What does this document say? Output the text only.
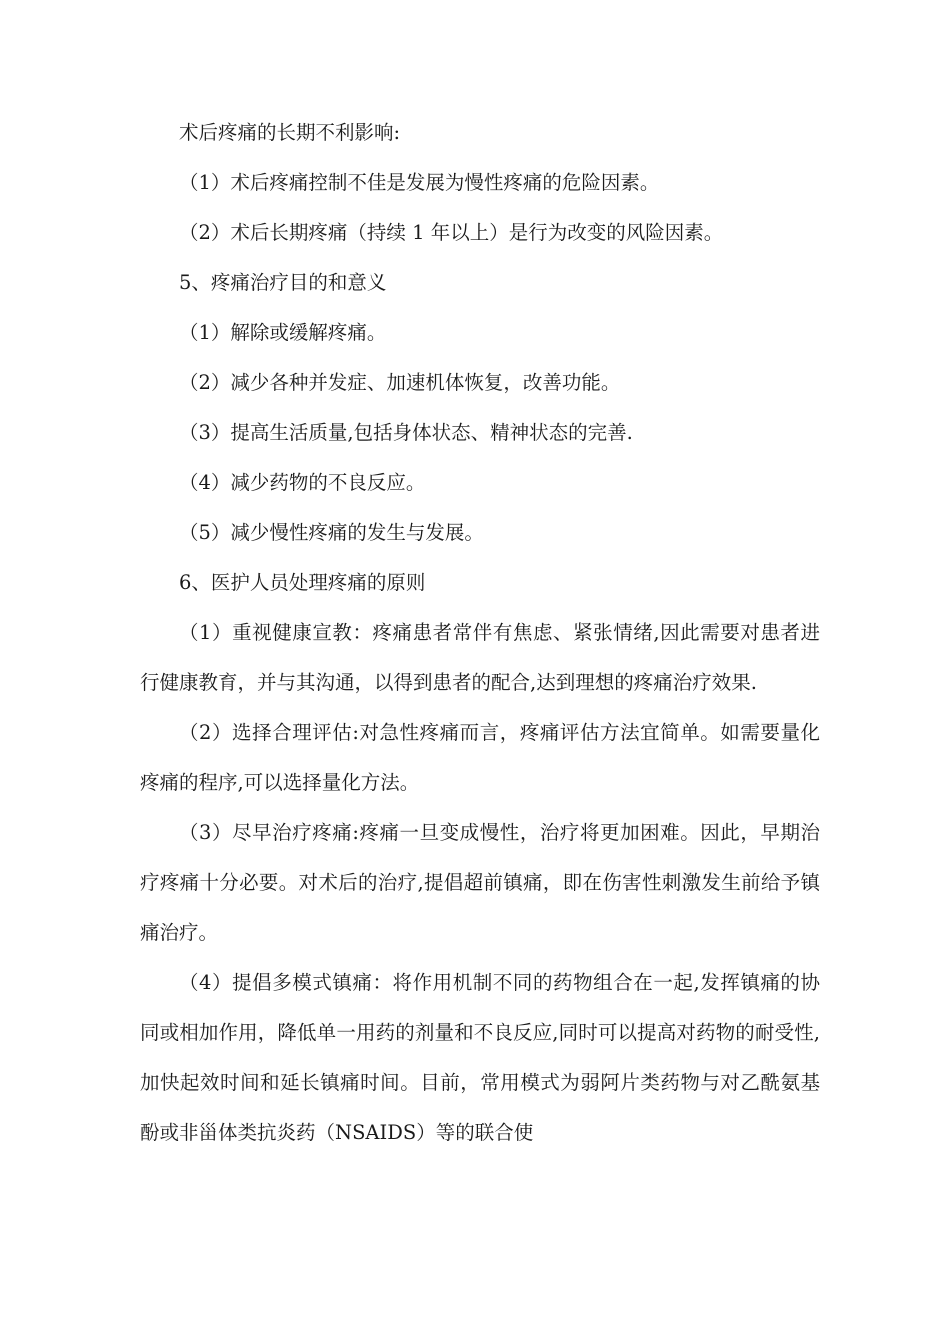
术后疼痛的长期不利影响:

（1）术后疼痛控制不佳是发展为慢性疼痛的危险因素。

（2）术后长期疼痛（持续 1 年以上）是行为改变的风险因素。

5、疼痛治疗目的和意义

（1）解除或缓解疼痛。

（2）减少各种并发症、加速机体恢复，改善功能。

（3）提高生活质量,包括身体状态、精神状态的完善.

（4）减少药物的不良反应。

（5）减少慢性疼痛的发生与发展。

6、医护人员处理疼痛的原则

（1）重视健康宣教：疼痛患者常伴有焦虑、紧张情绪,因此需要对患者进行健康教育，并与其沟通，以得到患者的配合,达到理想的疼痛治疗效果.

（2）选择合理评估:对急性疼痛而言，疼痛评估方法宜简单。如需要量化疼痛的程序,可以选择量化方法。

（3）尽早治疗疼痛:疼痛一旦变成慢性，治疗将更加困难。因此，早期治疗疼痛十分必要。对术后的治疗,提倡超前镇痛，即在伤害性刺激发生前给予镇痛治疗。

（4）提倡多模式镇痛：将作用机制不同的药物组合在一起,发挥镇痛的协同或相加作用，降低单一用药的剂量和不良反应,同时可以提高对药物的耐受性,加快起效时间和延长镇痛时间。目前，常用模式为弱阿片类药物与对乙酰氨基酚或非甾体类抗炎药（NSAIDS）等的联合使
